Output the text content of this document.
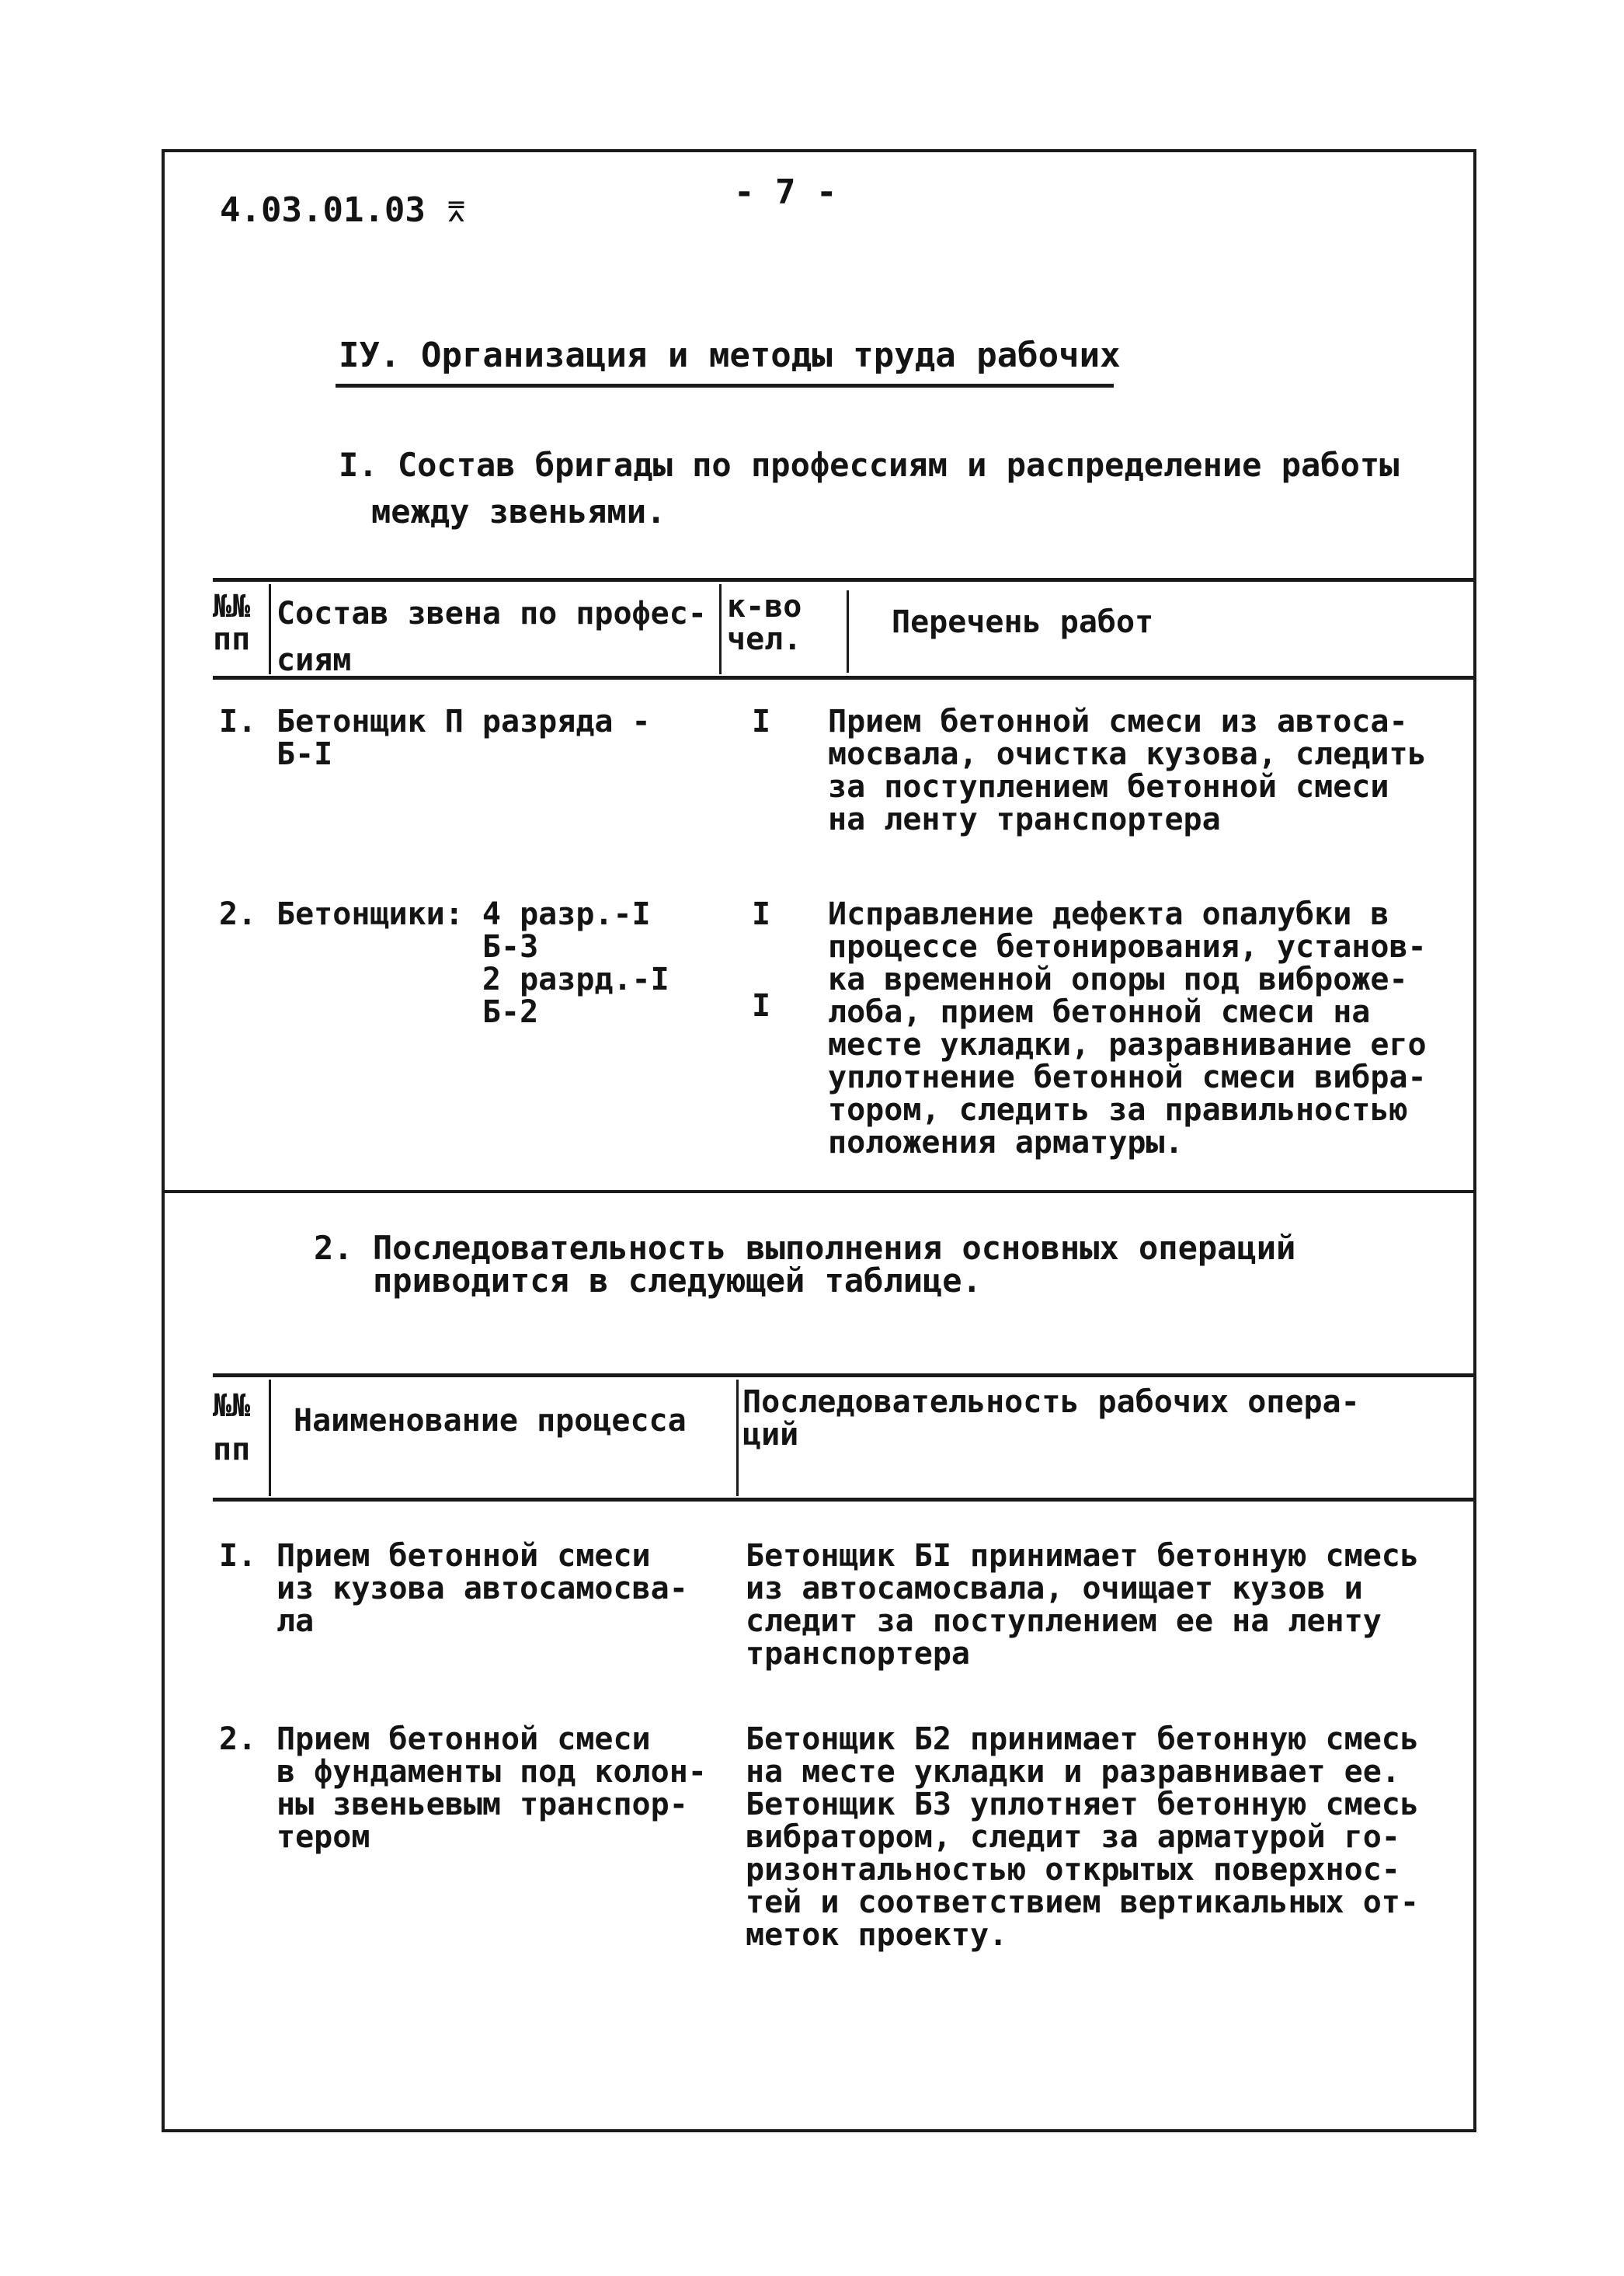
4.03.01.03 ⌆	- 7 -
IУ. Организация и методы труда рабочих
I. Состав бригады по профессиям и распределение работы
между звеньями.
№№
пп
Состав звена по профес-
сиям
к-во
чел.	Перечень работ
I. Бетонщик П разряда -
Б-I
I Прием бетонной смеси из автоса-
мосвала, очистка кузова, следить
за поступлением бетонной смеси
на ленту транспортера
2. Бетонщики: 4 разр.-I
Б-3
2 разрд.-I
Б-2
I
I
Исправление дефекта опалубки в
процессе бетонирования, установ-
ка временной опоры под виброже-
лоба, прием бетонной смеси на
месте укладки, разравнивание его
уплотнение бетонной смеси вибра-
тором, следить за правильностью
положения арматуры.
2. Последовательность выполнения основных операций
приводится в следующей таблице.
№№
пп
Наименование процесса
Последовательность рабочих опера-
ций
I. Прием бетонной смеси
из кузова автосамосва-
ла
Бетонщик БI принимает бетонную смесь
из автосамосвала, очищает кузов и
следит за поступлением ее на ленту
транспортера
2. Прием бетонной смеси
в фундаменты под колон-
ны звеньевым транспор-
тером
Бетонщик Б2 принимает бетонную смесь
на месте укладки и разравнивает ее.
Бетонщик Б3 уплотняет бетонную смесь
вибратором, следит за арматурой го-
ризонтальностью открытых поверхнос-
тей и соответствием вертикальных от-
меток проекту.
